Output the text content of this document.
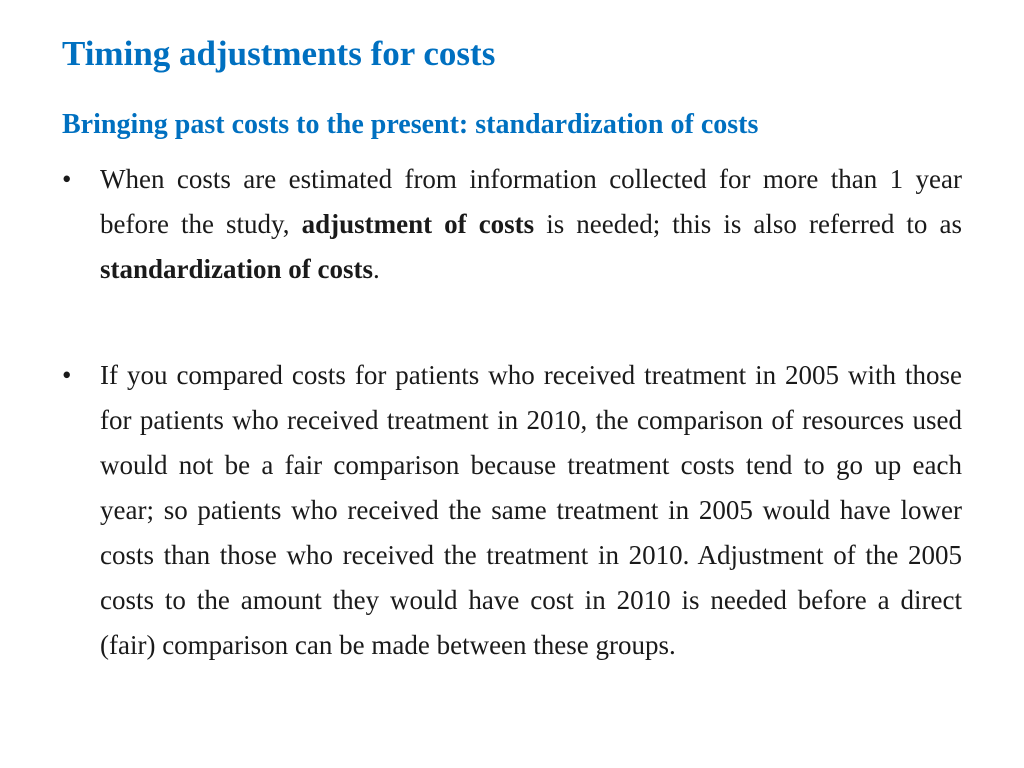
Timing adjustments for costs
Bringing past costs to the present: standardization of costs
•	When costs are estimated from information collected for more than 1 year before the study, adjustment of costs is needed; this is also referred to as standardization of costs.
•	If you compared costs for patients who received treatment in 2005 with those for patients who received treatment in 2010, the comparison of resources used would not be a fair comparison because treatment costs tend to go up each year; so patients who received the same treatment in 2005 would have lower costs than those who received the treatment in 2010. Adjustment of the 2005 costs to the amount they would have cost in 2010 is needed before a direct (fair) comparison can be made between these groups.
